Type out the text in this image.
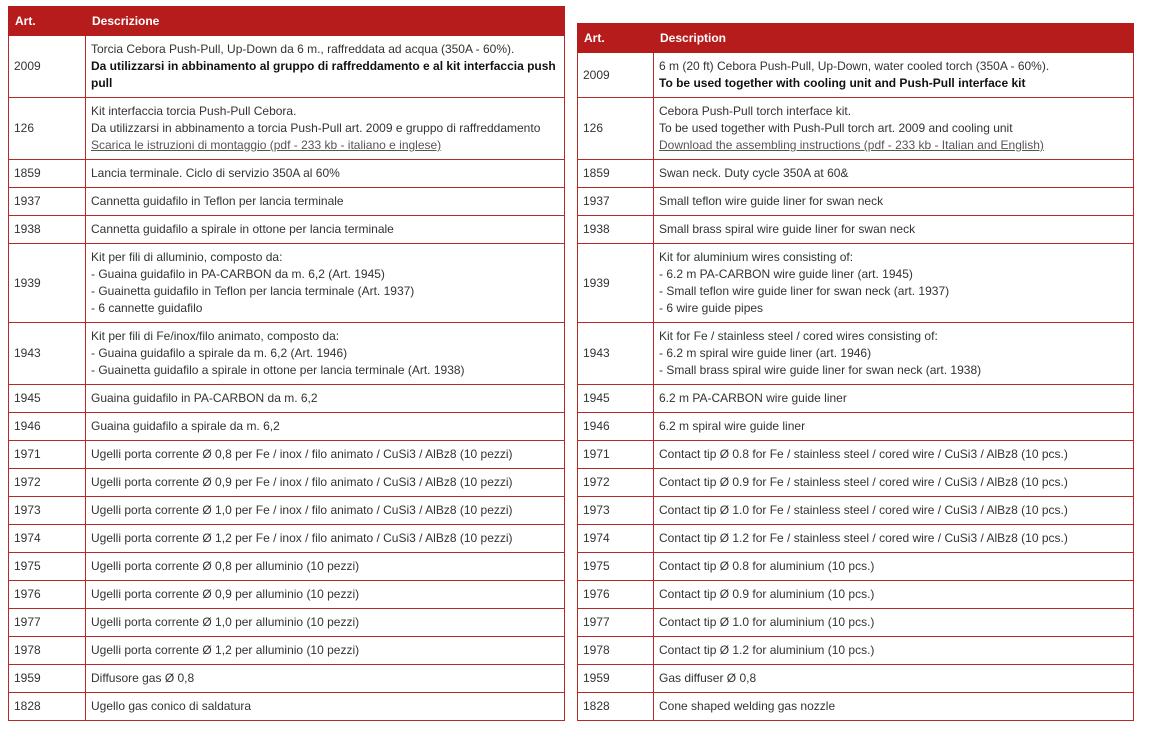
Art.	Descrizione
2009	Torcia Cebora Push-Pull, Up-Down da 6 m., raffreddata ad acqua (350A - 60%).
Da utilizzarsi in abbinamento al gruppo di raffreddamento e al kit interfaccia push pull

126	Kit interfaccia torcia Push-Pull Cebora.
Da utilizzarsi in abbinamento a torcia Push-Pull art. 2009 e gruppo di raffreddamento
Scarica le istruzioni di montaggio (pdf - 233 kb - italiano e inglese)

1859	Lancia terminale. Ciclo di servizio 350A al 60%

1937	Cannetta guidafilo in Teflon per lancia terminale

1938	Cannetta guidafilo a spirale in ottone per lancia terminale

1939	Kit per fili di alluminio, composto da:
- Guaina guidafilo in PA-CARBON da m. 6,2 (Art. 1945)
- Guainetta guidafilo in Teflon per lancia terminale (Art. 1937)
- 6 cannette guidafilo

1943	Kit per fili di Fe/inox/filo animato, composto da:
- Guaina guidafilo a spirale da m. 6,2 (Art. 1946)
- Guainetta guidafilo a spirale in ottone per lancia terminale (Art. 1938)

1945	Guaina guidafilo in PA-CARBON da m. 6,2

1946	Guaina guidafilo a spirale da m. 6,2

1971	Ugelli porta corrente Ø 0,8 per Fe / inox / filo animato / CuSi3 / AlBz8 (10 pezzi)

1972	Ugelli porta corrente Ø 0,9 per Fe / inox / filo animato / CuSi3 / AlBz8 (10 pezzi)

1973	Ugelli porta corrente Ø 1,0 per Fe / inox / filo animato / CuSi3 / AlBz8 (10 pezzi)

1974	Ugelli porta corrente Ø 1,2 per Fe / inox / filo animato / CuSi3 / AlBz8 (10 pezzi)

1975	Ugelli porta corrente Ø 0,8 per alluminio (10 pezzi)

1976	Ugelli porta corrente Ø 0,9 per alluminio (10 pezzi)

1977	Ugelli porta corrente Ø 1,0 per alluminio (10 pezzi)

1978	Ugelli porta corrente Ø 1,2 per alluminio (10 pezzi)

1959	Diffusore gas Ø 0,8

1828	Ugello gas conico di saldatura
Art.	Description
2009	6 m (20 ft) Cebora Push-Pull, Up-Down, water cooled torch (350A - 60%).
To be used together with cooling unit and Push-Pull interface kit

126	Cebora Push-Pull torch interface kit.
To be used together with Push-Pull torch art. 2009 and cooling unit
Download the assembling instructions (pdf - 233 kb - Italian and English)

1859	Swan neck. Duty cycle 350A at 60&

1937	Small teflon wire guide liner for swan neck

1938	Small brass spiral wire guide liner for swan neck

1939	Kit for aluminium wires consisting of:
- 6.2 m PA-CARBON wire guide liner (art. 1945)
- Small teflon wire guide liner for swan neck (art. 1937)
- 6 wire guide pipes

1943	Kit for Fe / stainless steel / cored wires consisting of:
- 6.2 m spiral wire guide liner (art. 1946)
- Small brass spiral wire guide liner for swan neck (art. 1938)

1945	6.2 m PA-CARBON wire guide liner

1946	6.2 m spiral wire guide liner

1971	Contact tip Ø 0.8 for Fe / stainless steel / cored wire / CuSi3 / AlBz8 (10 pcs.)

1972	Contact tip Ø 0.9 for Fe / stainless steel / cored wire / CuSi3 / AlBz8 (10 pcs.)

1973	Contact tip Ø 1.0 for Fe / stainless steel / cored wire / CuSi3 / AlBz8 (10 pcs.)

1974	Contact tip Ø 1.2 for Fe / stainless steel / cored wire / CuSi3 / AlBz8 (10 pcs.)

1975	Contact tip Ø 0.8 for aluminium (10 pcs.)

1976	Contact tip Ø 0.9 for aluminium (10 pcs.)

1977	Contact tip Ø 1.0 for aluminium (10 pcs.)

1978	Contact tip Ø 1.2 for aluminium (10 pcs.)

1959	Gas diffuser Ø 0,8

1828	Cone shaped welding gas nozzle
